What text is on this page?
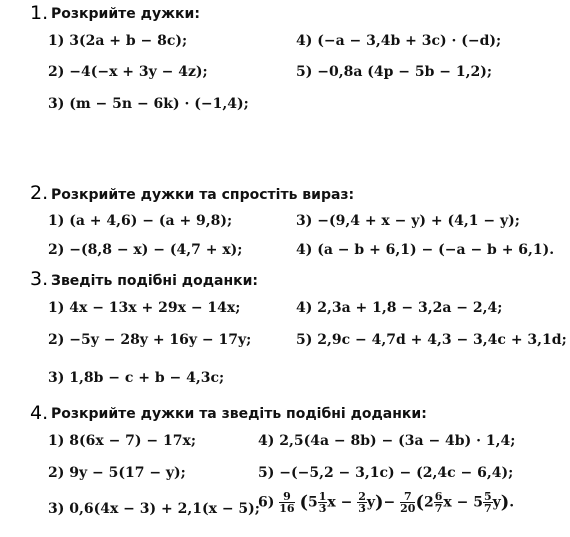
1. Розкрийте дужки:
1) 3(2a + b − 8c);
2) −4(−x + 3y − 4z);
3) (m − 5n − 6k) · (−1,4);
4) (−a − 3,4b + 3c) · (−d);
5) −0,8a (4p − 5b − 1,2);
2. Розкрийте дужки та спростіть вираз:
1) (a + 4,6) − (a + 9,8);
2) −(8,8 − x) − (4,7 + x);
3) −(9,4 + x − y) + (4,1 − y);
4) (a − b + 6,1) − (−a − b + 6,1).
3. Зведіть подібні доданки:
1) 4x − 13x + 29x − 14x;
2) −5y − 28y + 16y − 17y;
3) 1,8b − c + b − 4,3c;
4) 2,3a + 1,8 − 3,2a − 2,4;
5) 2,9c − 4,7d + 4,3 − 3,4c + 3,1d;
4. Розкрийте дужки та зведіть подібні доданки:
1) 8(6x − 7) − 17x;
2) 9y − 5(17 − y);
3) 0,6(4x − 3) + 2,1(x − 5);
4) 2,5(4a − 8b) − (3a − 4b) · 1,4;
5) −(−5,2 − 3,1c) − (2,4c − 6,4);
$6) \frac{9}{16} (5 \frac{1}{3}$ $x - \frac{2}{3} y)- \frac{7}{20} (2 \frac{6}{7}$ $x - 5 \frac{5}{7} y$).
